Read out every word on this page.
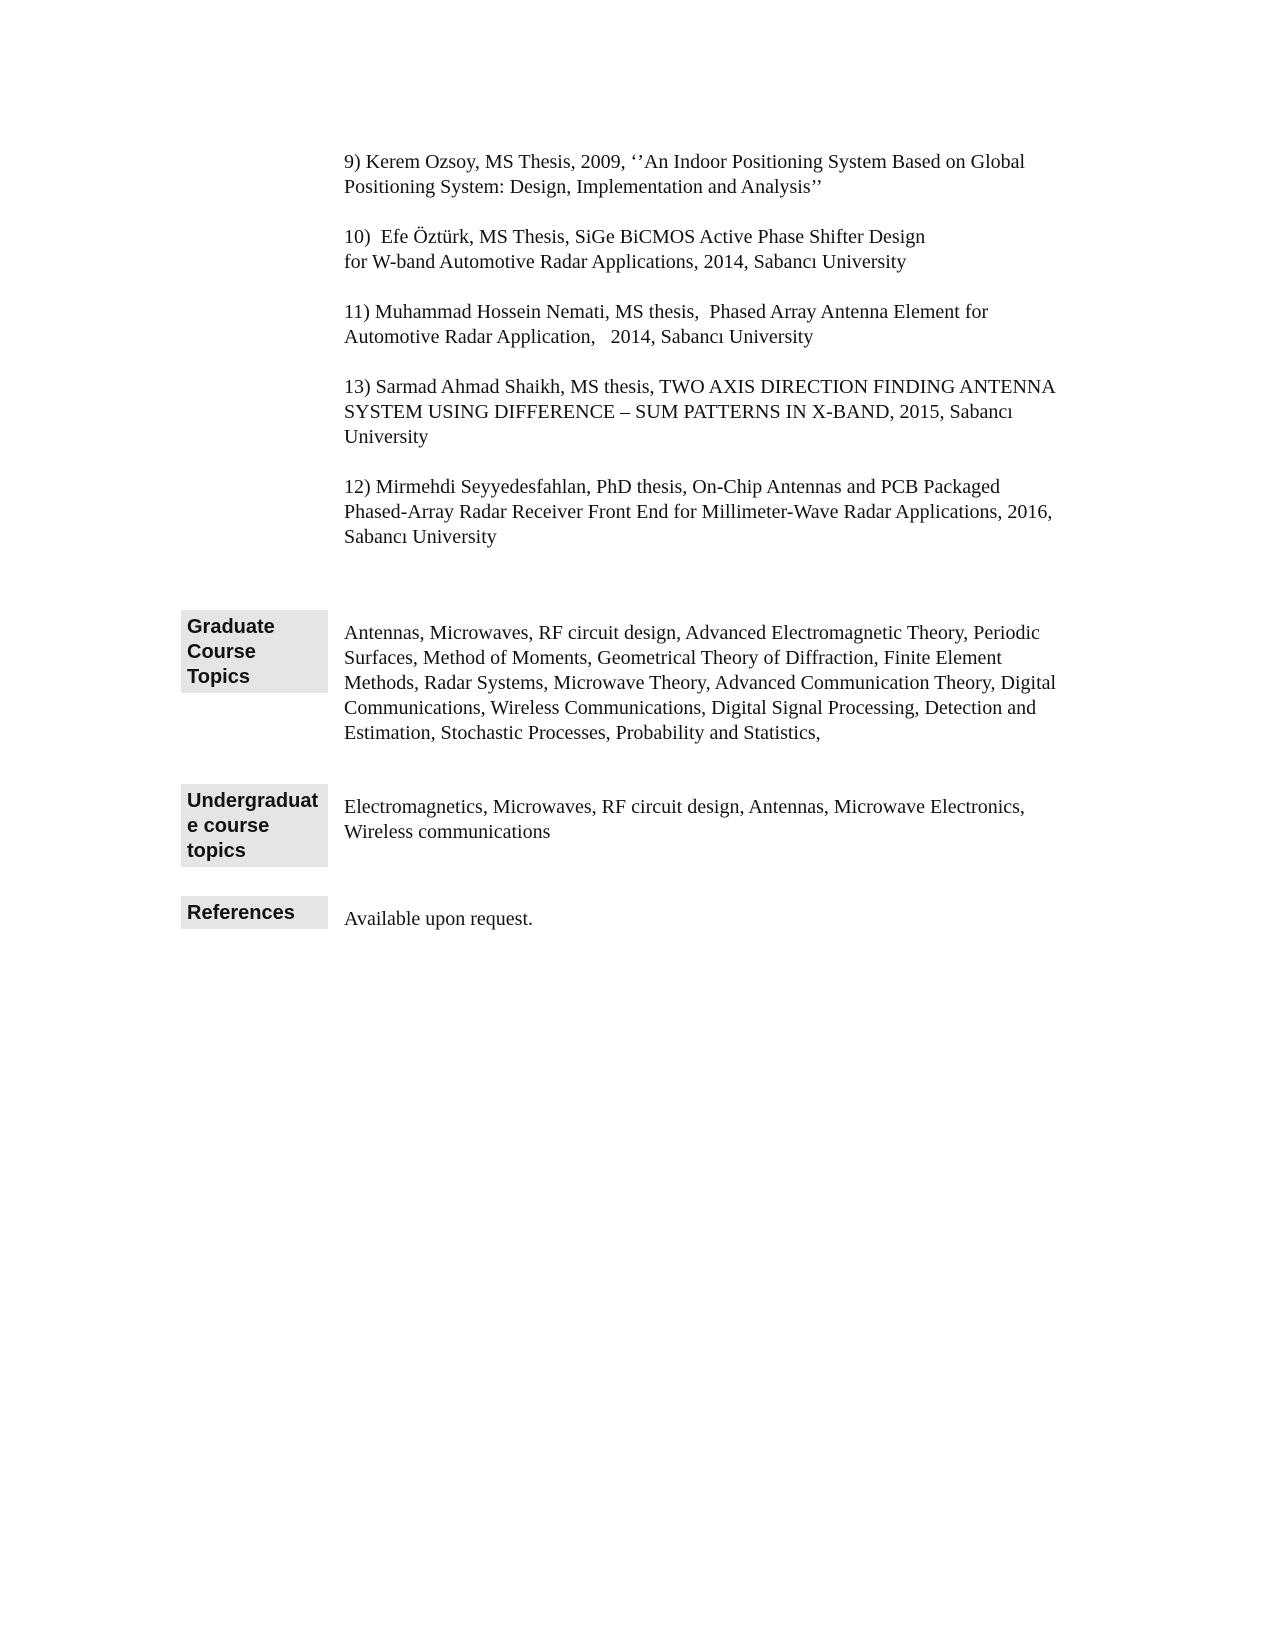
9) Kerem Ozsoy, MS Thesis, 2009, ‘’An Indoor Positioning System Based on Global
Positioning System: Design, Implementation and Analysis’’
10)  Efe Öztürk, MS Thesis, SiGe BiCMOS Active Phase Shifter Design
for W-band Automotive Radar Applications, 2014, Sabancı University
11) Muhammad Hossein Nemati, MS thesis,  Phased Array Antenna Element for
Automotive Radar Application,   2014, Sabancı University
13) Sarmad Ahmad Shaikh, MS thesis, TWO AXIS DIRECTION FINDING ANTENNA
SYSTEM USING DIFFERENCE – SUM PATTERNS IN X-BAND, 2015, Sabancı
University
12) Mirmehdi Seyyedesfahlan, PhD thesis, On-Chip Antennas and PCB Packaged
Phased-Array Radar Receiver Front End for Millimeter-Wave Radar Applications, 2016,
Sabancı University
Graduate
Course
Topics
Antennas, Microwaves, RF circuit design, Advanced Electromagnetic Theory, Periodic
Surfaces, Method of Moments, Geometrical Theory of Diffraction, Finite Element
Methods, Radar Systems, Microwave Theory, Advanced Communication Theory, Digital
Communications, Wireless Communications, Digital Signal Processing, Detection and
Estimation, Stochastic Processes, Probability and Statistics,
Undergraduat
e course
topics
Electromagnetics, Microwaves, RF circuit design, Antennas, Microwave Electronics,
Wireless communications
References	Available upon request.
